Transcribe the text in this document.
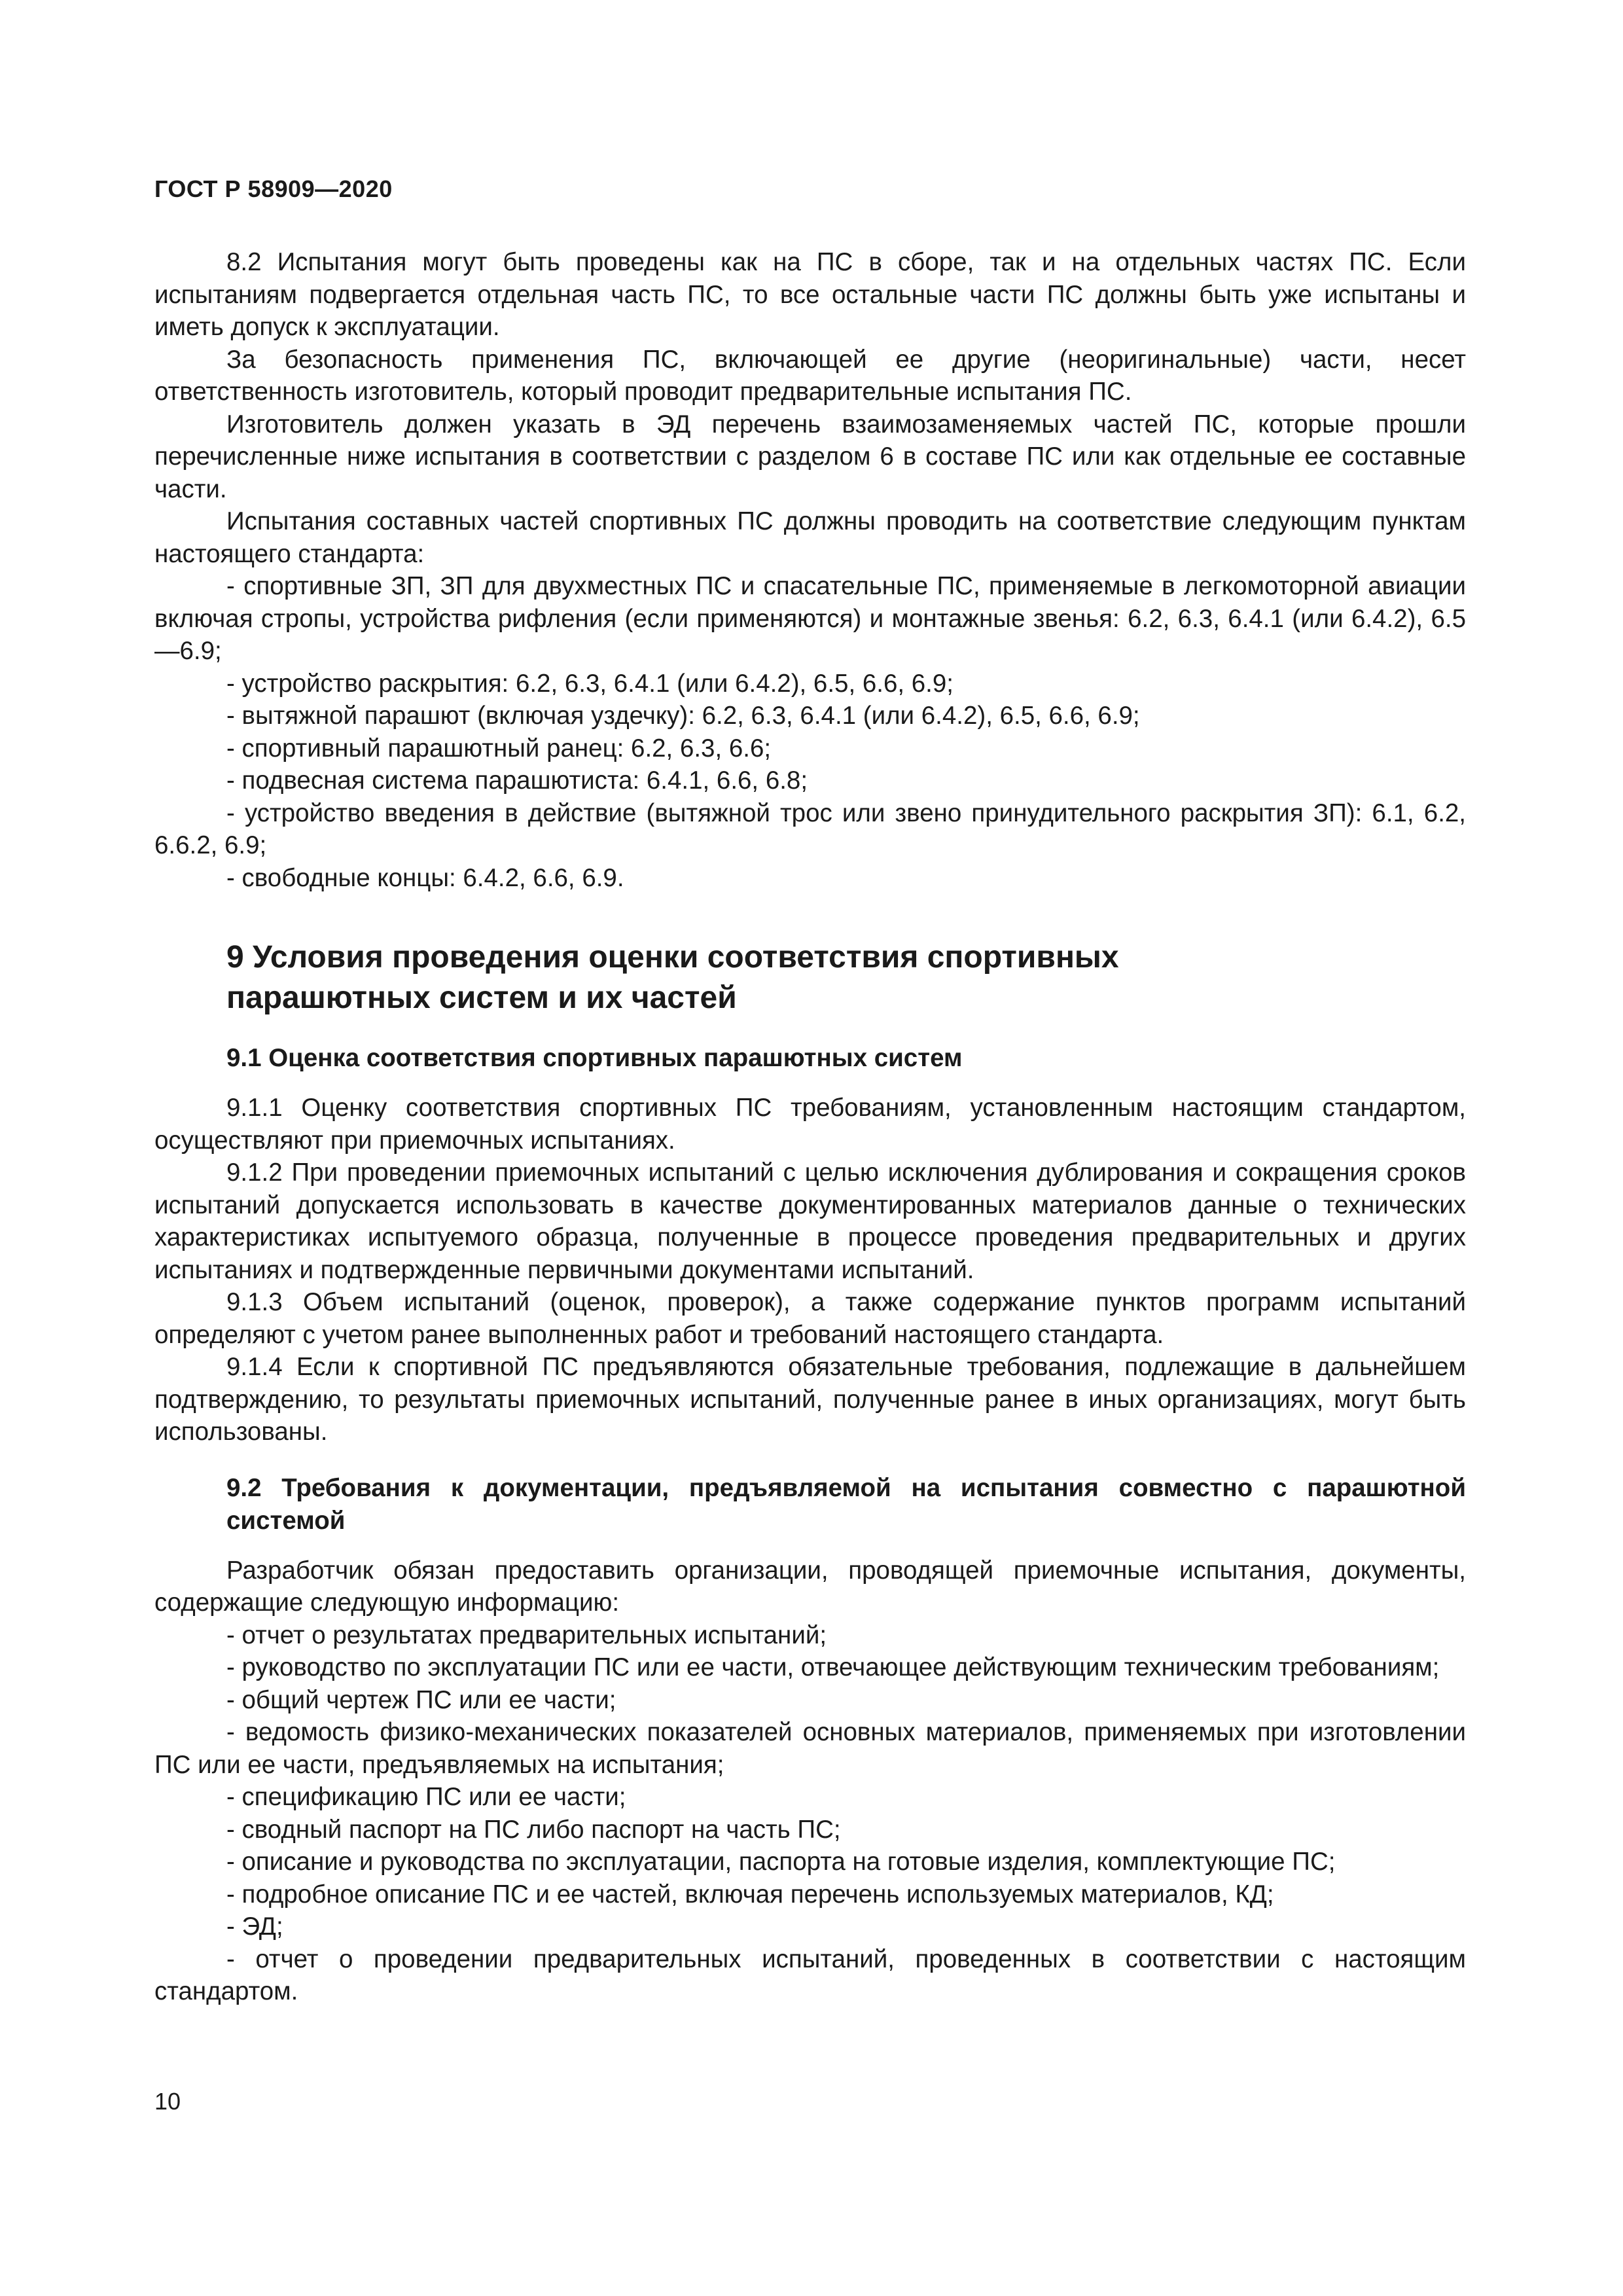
ГОСТ Р 58909—2020

8.2 Испытания могут быть проведены как на ПС в сборе, так и на отдельных частях ПС. Если испытаниям подвергается отдельная часть ПС, то все остальные части ПС должны быть уже испытаны и иметь допуск к эксплуатации.

За безопасность применения ПС, включающей ее другие (неоригинальные) части, несет ответственность изготовитель, который проводит предварительные испытания ПС.

Изготовитель должен указать в ЭД перечень взаимозаменяемых частей ПС, которые прошли перечисленные ниже испытания в соответствии с разделом 6 в составе ПС или как отдельные ее составные части.

Испытания составных частей спортивных ПС должны проводить на соответствие следующим пунктам настоящего стандарта:

- спортивные ЗП, ЗП для двухместных ПС и спасательные ПС, применяемые в легкомоторной авиации включая стропы, устройства рифления (если применяются) и монтажные звенья: 6.2, 6.3, 6.4.1 (или 6.4.2), 6.5—6.9;

- устройство раскрытия: 6.2, 6.3, 6.4.1 (или 6.4.2), 6.5, 6.6, 6.9;

- вытяжной парашют (включая уздечку): 6.2, 6.3, 6.4.1 (или 6.4.2), 6.5, 6.6, 6.9;

- спортивный парашютный ранец: 6.2, 6.3, 6.6;

- подвесная система парашютиста: 6.4.1, 6.6, 6.8;

- устройство введения в действие (вытяжной трос или звено принудительного раскрытия ЗП): 6.1, 6.2, 6.6.2, 6.9;

- свободные концы: 6.4.2, 6.6, 6.9.

9 Условия проведения оценки соответствия спортивных
парашютных систем и их частей
9.1 Оценка соответствия спортивных парашютных систем

9.1.1 Оценку соответствия спортивных ПС требованиям, установленным настоящим стандартом, осуществляют при приемочных испытаниях.

9.1.2 При проведении приемочных испытаний с целью исключения дублирования и сокращения сроков испытаний допускается использовать в качестве документированных материалов данные о технических характеристиках испытуемого образца, полученные в процессе проведения предварительных и других испытаниях и подтвержденные первичными документами испытаний.

9.1.3 Объем испытаний (оценок, проверок), а также содержание пунктов программ испытаний определяют с учетом ранее выполненных работ и требований настоящего стандарта.

9.1.4 Если к спортивной ПС предъявляются обязательные требования, подлежащие в дальнейшем подтверждению, то результаты приемочных испытаний, полученные ранее в иных организациях, могут быть использованы.

9.2 Требования к документации, предъявляемой на испытания совместно с парашютной системой

Разработчик обязан предоставить организации, проводящей приемочные испытания, документы, содержащие следующую информацию:

- отчет о результатах предварительных испытаний;

- руководство по эксплуатации ПС или ее части, отвечающее действующим техническим требованиям;

- общий чертеж ПС или ее части;

- ведомость физико-механических показателей основных материалов, применяемых при изготовлении ПС или ее части, предъявляемых на испытания;

- спецификацию ПС или ее части;

- сводный паспорт на ПС либо паспорт на часть ПС;

- описание и руководства по эксплуатации, паспорта на готовые изделия, комплектующие ПС;

- подробное описание ПС и ее частей, включая перечень используемых материалов, КД;

- ЭД;

- отчет о проведении предварительных испытаний, проведенных в соответствии с настоящим стандартом.

10
